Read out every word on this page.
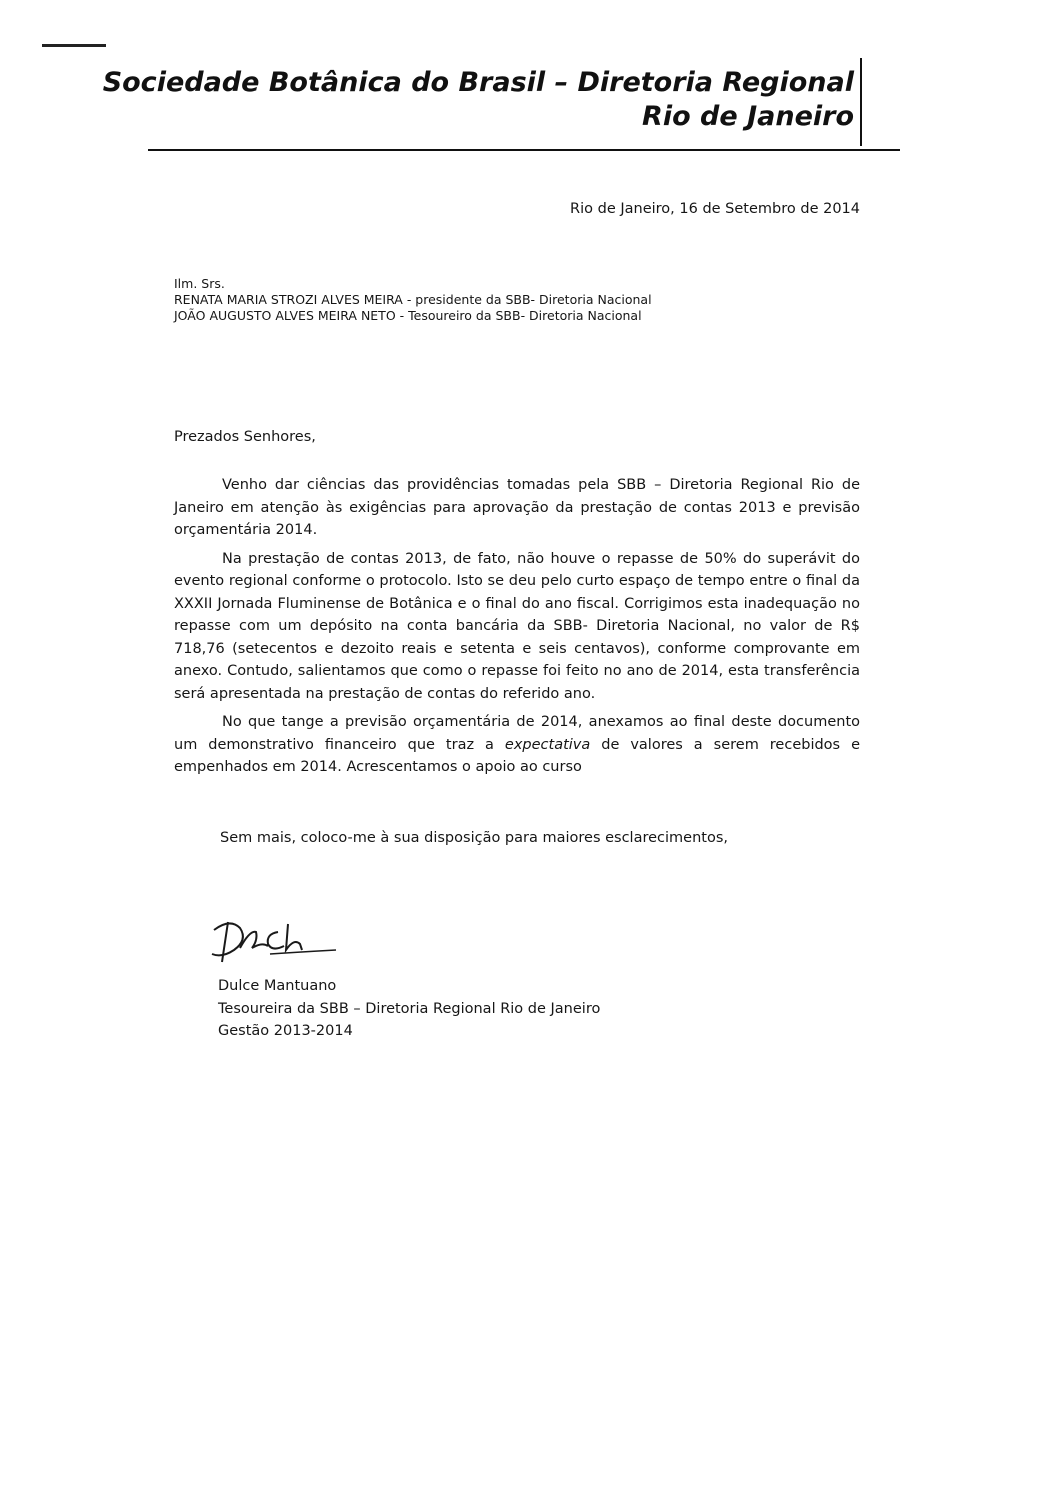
Sociedade Botânica do Brasil – Diretoria Regional
Rio de Janeiro
Rio de Janeiro, 16 de Setembro de 2014
Ilm. Srs.
RENATA MARIA STROZI ALVES MEIRA - presidente da SBB- Diretoria Nacional
JOÃO AUGUSTO ALVES MEIRA NETO - Tesoureiro da SBB- Diretoria Nacional
Prezados Senhores,

Venho dar ciências das providências tomadas pela SBB – Diretoria Regional Rio de Janeiro em atenção às exigências para aprovação da prestação de contas 2013 e previsão orçamentária 2014.

Na prestação de contas 2013, de fato, não houve o repasse de 50% do superávit do evento regional conforme o protocolo. Isto se deu pelo curto espaço de tempo entre o final da XXXII Jornada Fluminense de Botânica e o final do ano fiscal. Corrigimos esta inadequação no repasse com um depósito na conta bancária da SBB- Diretoria Nacional, no valor de R$ 718,76 (setecentos e dezoito reais e setenta e seis centavos), conforme comprovante em anexo. Contudo, salientamos que como o repasse foi feito no ano de 2014, esta transferência será apresentada na prestação de contas do referido ano.

No que tange a previsão orçamentária de 2014, anexamos ao final deste documento um demonstrativo financeiro que traz a expectativa de valores a serem recebidos e empenhados em 2014. Acrescentamos o apoio ao curso

Sem mais, coloco-me à sua disposição para maiores esclarecimentos,
Dulce Mantuano
Tesoureira da SBB – Diretoria Regional Rio de Janeiro
Gestão 2013-2014
